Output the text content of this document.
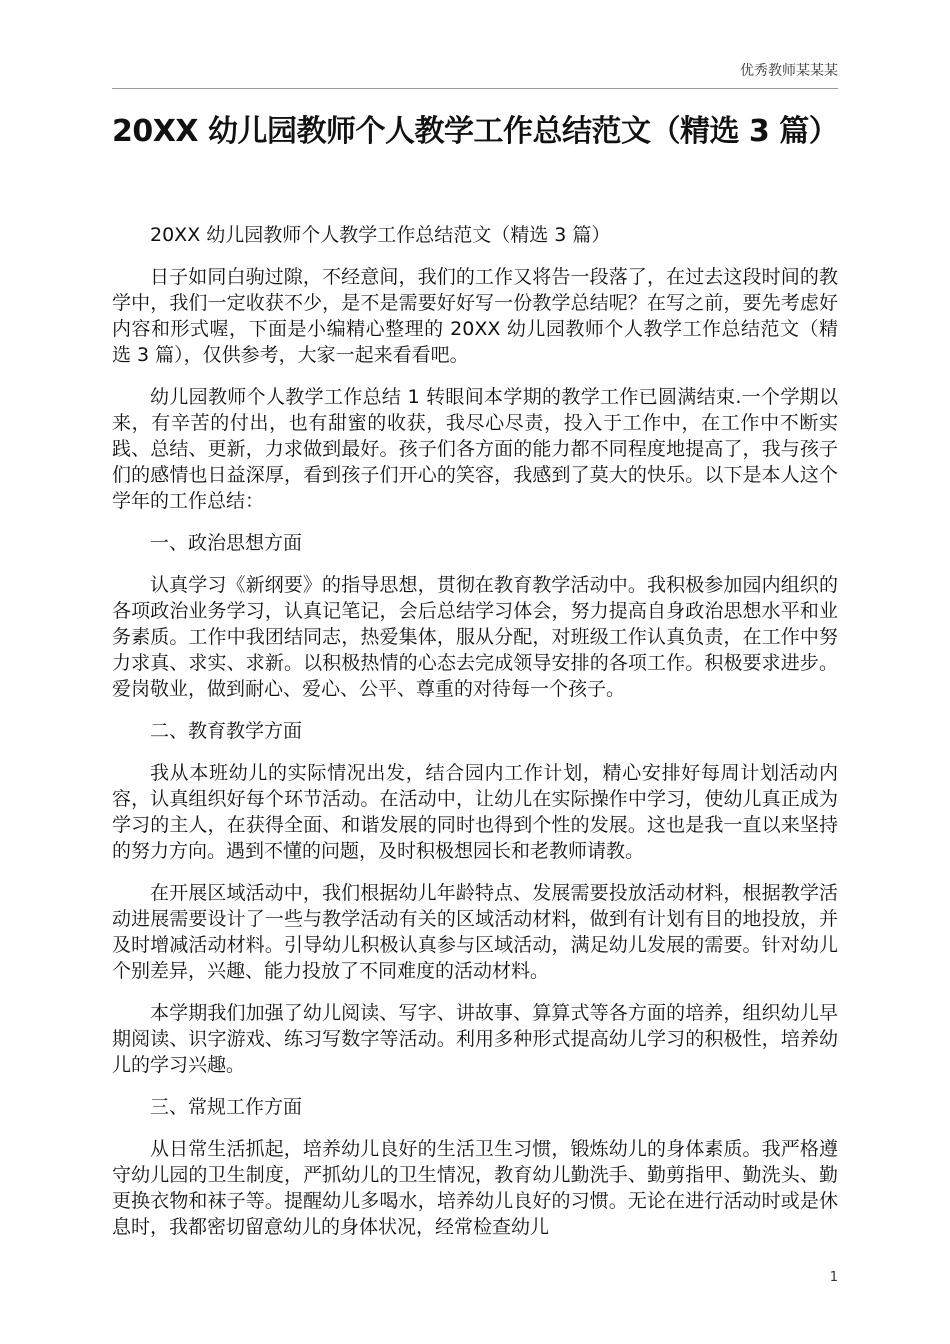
优秀教师某某某
20XX 幼儿园教师个人教学工作总结范文（精选 3 篇）

20XX 幼儿园教师个人教学工作总结范文（精选 3 篇）

日子如同白驹过隙，不经意间，我们的工作又将告一段落了，在过去这段时间的教学中，我们一定收获不少，是不是需要好好写一份教学总结呢？在写之前，要先考虑好内容和形式喔，下面是小编精心整理的 20XX 幼儿园教师个人教学工作总结范文（精选 3 篇），仅供参考，大家一起来看看吧。

幼儿园教师个人教学工作总结 1 转眼间本学期的教学工作已圆满结束.一个学期以来，有辛苦的付出，也有甜蜜的收获，我尽心尽责，投入于工作中，在工作中不断实践、总结、更新，力求做到最好。孩子们各方面的能力都不同程度地提高了，我与孩子们的感情也日益深厚，看到孩子们开心的笑容，我感到了莫大的快乐。以下是本人这个学年的工作总结：

一、政治思想方面

认真学习《新纲要》的指导思想，贯彻在教育教学活动中。我积极参加园内组织的各项政治业务学习，认真记笔记，会后总结学习体会，努力提高自身政治思想水平和业务素质。工作中我团结同志，热爱集体，服从分配，对班级工作认真负责，在工作中努力求真、求实、求新。以积极热情的心态去完成领导安排的各项工作。积极要求进步。爱岗敬业，做到耐心、爱心、公平、尊重的对待每一个孩子。

二、教育教学方面

我从本班幼儿的实际情况出发，结合园内工作计划，精心安排好每周计划活动内容，认真组织好每个环节活动。在活动中，让幼儿在实际操作中学习，使幼儿真正成为学习的主人，在获得全面、和谐发展的同时也得到个性的发展。这也是我一直以来坚持的努力方向。遇到不懂的问题，及时积极想园长和老教师请教。

在开展区域活动中，我们根据幼儿年龄特点、发展需要投放活动材料，根据教学活动进展需要设计了一些与教学活动有关的区域活动材料，做到有计划有目的地投放，并及时增减活动材料。引导幼儿积极认真参与区域活动，满足幼儿发展的需要。针对幼儿个别差异，兴趣、能力投放了不同难度的活动材料。

本学期我们加强了幼儿阅读、写字、讲故事、算算式等各方面的培养，组织幼儿早期阅读、识字游戏、练习写数字等活动。利用多种形式提高幼儿学习的积极性，培养幼儿的学习兴趣。

三、常规工作方面

从日常生活抓起，培养幼儿良好的生活卫生习惯，锻炼幼儿的身体素质。我严格遵守幼儿园的卫生制度，严抓幼儿的卫生情况，教育幼儿勤洗手、勤剪指甲、勤洗头、勤更换衣物和袜子等。提醒幼儿多喝水，培养幼儿良好的习惯。无论在进行活动时或是休息时，我都密切留意幼儿的身体状况，经常检查幼儿

1
